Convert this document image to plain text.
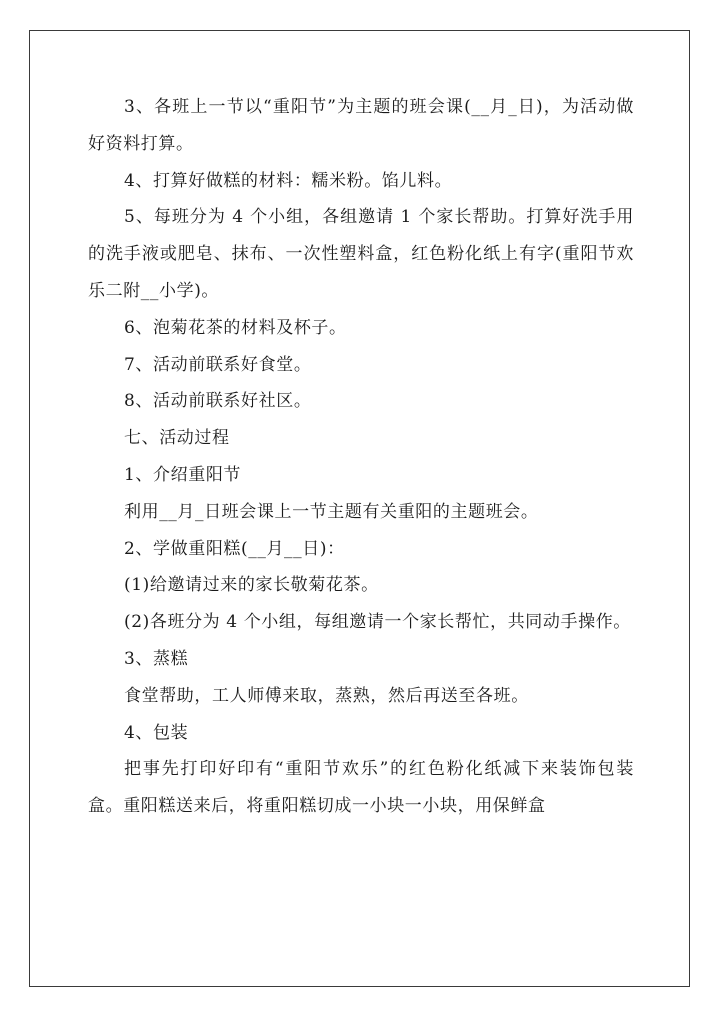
3、各班上一节以“重阳节”为主题的班会课(__月_日)，为活动做好资料打算。

4、打算好做糕的材料：糯米粉。馅儿料。

5、每班分为 4 个小组，各组邀请 1 个家长帮助。打算好洗手用的洗手液或肥皂、抹布、一次性塑料盒，红色粉化纸上有字(重阳节欢乐二附__小学)。

6、泡菊花茶的材料及杯子。

7、活动前联系好食堂。

8、活动前联系好社区。

七、活动过程

1、介绍重阳节

利用__月_日班会课上一节主题有关重阳的主题班会。

2、学做重阳糕(__月__日)：

(1)给邀请过来的家长敬菊花茶。

(2)各班分为 4 个小组，每组邀请一个家长帮忙，共同动手操作。

3、蒸糕

食堂帮助，工人师傅来取，蒸熟，然后再送至各班。

4、包装

把事先打印好印有“重阳节欢乐”的红色粉化纸减下来装饰包装盒。重阳糕送来后，将重阳糕切成一小块一小块，用保鲜盒
